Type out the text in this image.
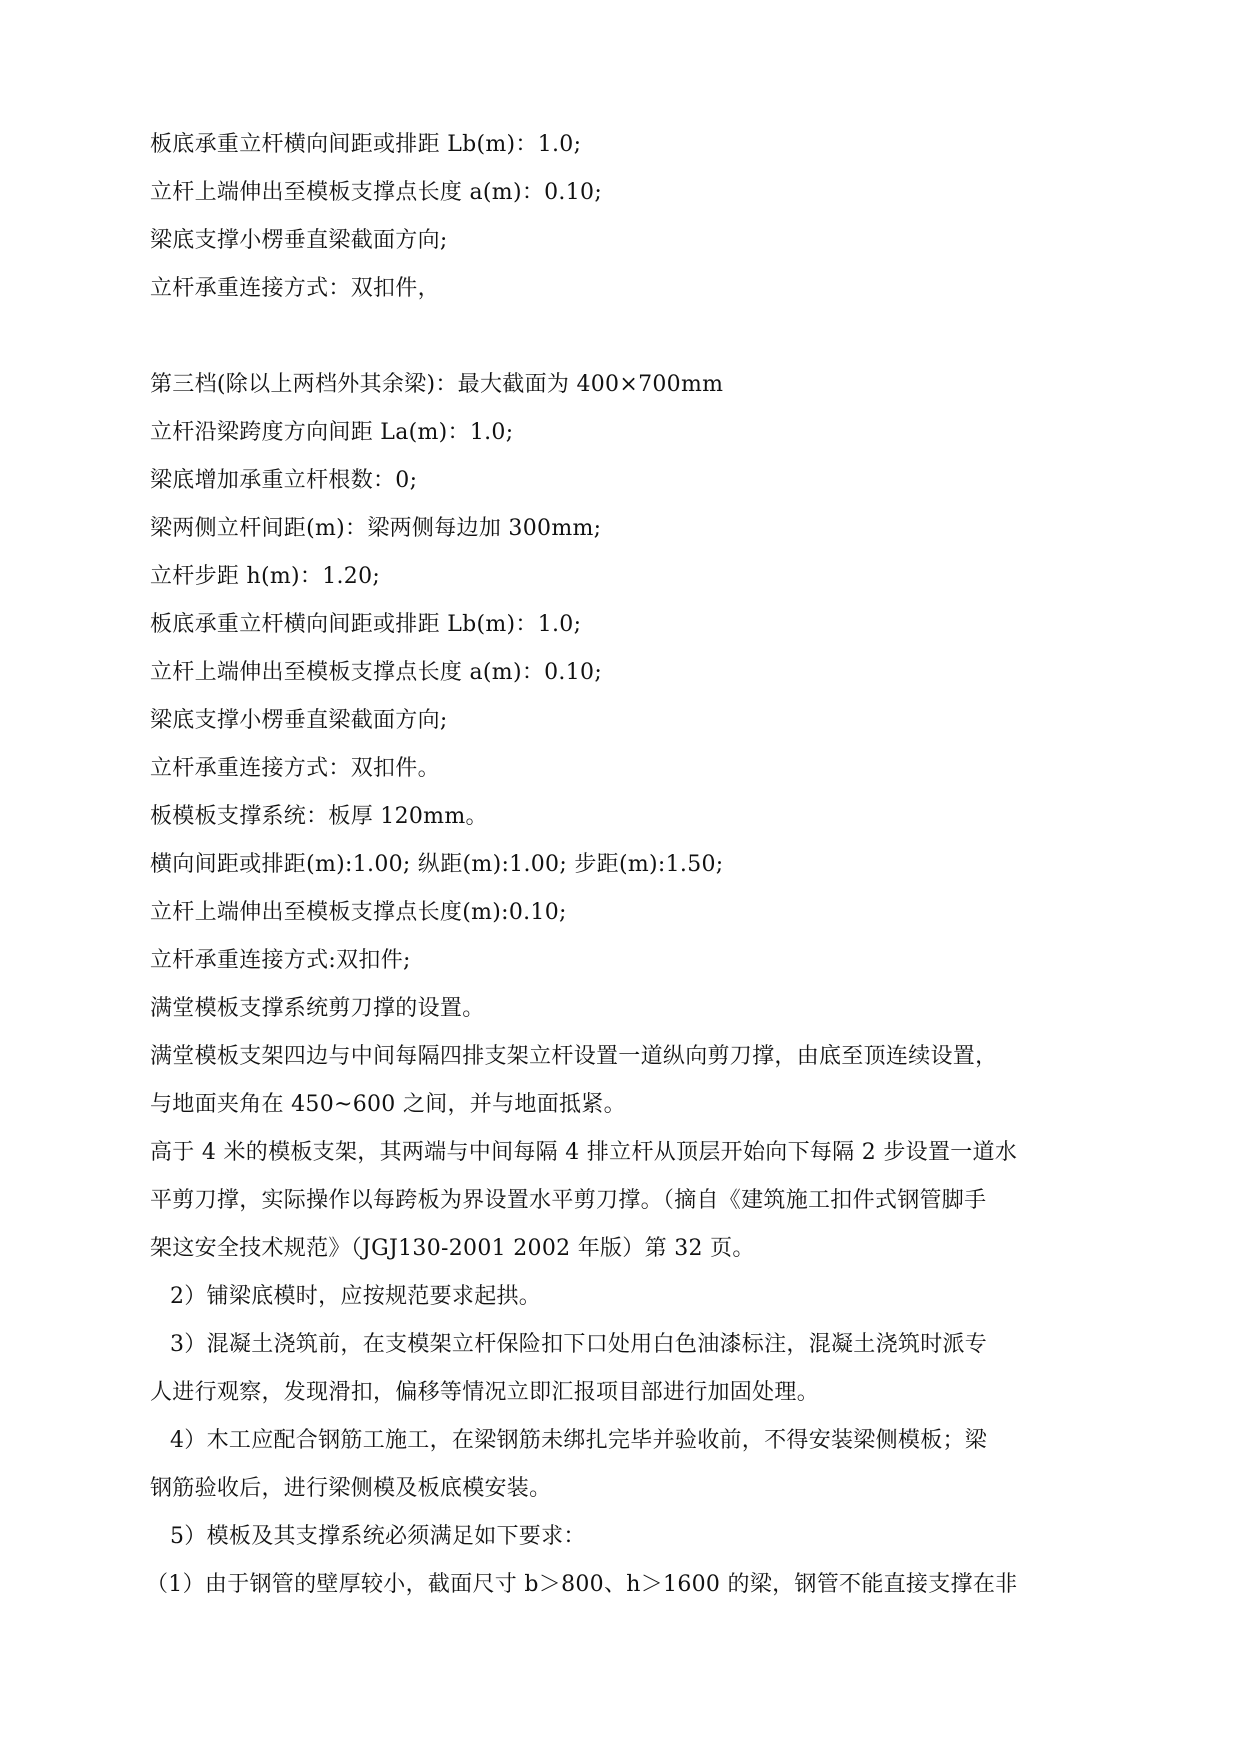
板底承重立杆横向间距或排距 Lb(m)：1.0;
立杆上端伸出至模板支撑点长度 a(m)：0.10;
梁底支撑小楞垂直梁截面方向;
立杆承重连接方式：双扣件，
第三档(除以上两档外其余梁)：最大截面为 400×700mm
立杆沿梁跨度方向间距 La(m)：1.0;
梁底增加承重立杆根数：0;
梁两侧立杆间距(m)：梁两侧每边加 300mm;
立杆步距 h(m)：1.20;
板底承重立杆横向间距或排距 Lb(m)：1.0;
立杆上端伸出至模板支撑点长度 a(m)：0.10;
梁底支撑小楞垂直梁截面方向;
立杆承重连接方式：双扣件。
板模板支撑系统：板厚 120mm。
横向间距或排距(m):1.00; 纵距(m):1.00; 步距(m):1.50;
立杆上端伸出至模板支撑点长度(m):0.10;
立杆承重连接方式:双扣件;
满堂模板支撑系统剪刀撑的设置。
满堂模板支架四边与中间每隔四排支架立杆设置一道纵向剪刀撑，由底至顶连续设置，
与地面夹角在 450~600 之间，并与地面抵紧。
高于 4 米的模板支架，其两端与中间每隔 4 排立杆从顶层开始向下每隔 2 步设置一道水
平剪刀撑，实际操作以每跨板为界设置水平剪刀撑。（摘自《建筑施工扣件式钢管脚手
架这安全技术规范》（JGJ130-2001 2002 年版）第 32 页。
2）铺梁底模时，应按规范要求起拱。
3）混凝土浇筑前，在支模架立杆保险扣下口处用白色油漆标注，混凝土浇筑时派专
人进行观察，发现滑扣，偏移等情况立即汇报项目部进行加固处理。
4）木工应配合钢筋工施工，在梁钢筋未绑扎完毕并验收前，不得安装梁侧模板；梁
钢筋验收后，进行梁侧模及板底模安装。
5）模板及其支撑系统必须满足如下要求：
（1）由于钢管的壁厚较小，截面尺寸 b＞800、h＞1600 的梁，钢管不能直接支撑在非
